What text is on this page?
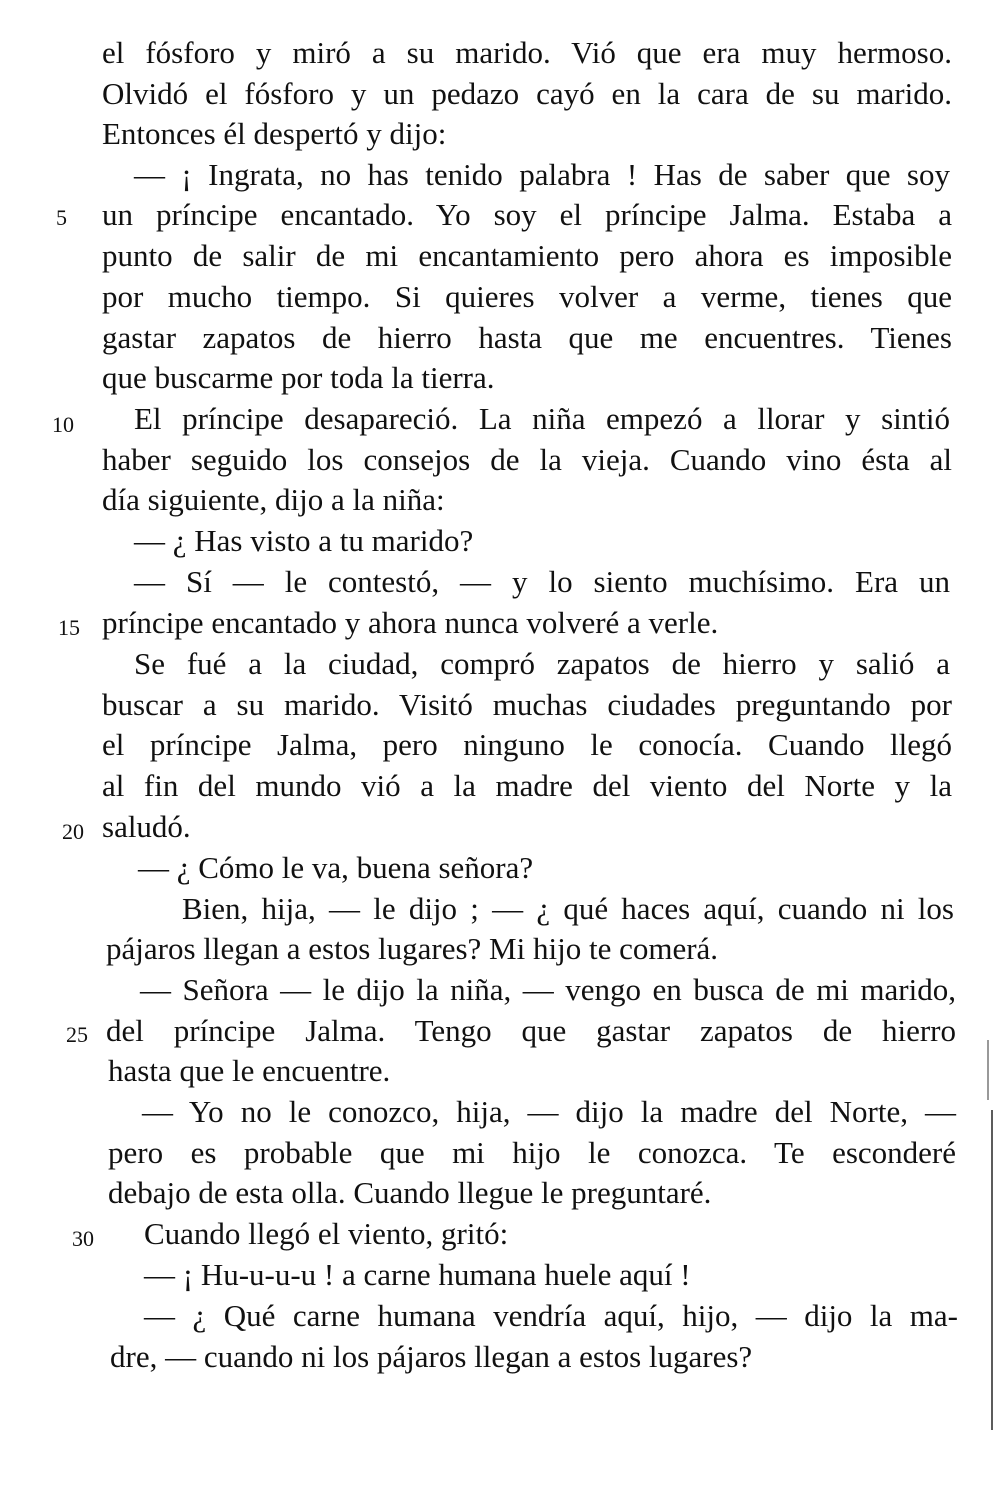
el fósforo y miró a su marido. Vió que era muy hermoso.
Olvidó el fósforo y un pedazo cayó en la cara de su marido.
Entonces él despertó y dijo:
— ¡ Ingrata, no has tenido palabra ! Has de saber que soy
un príncipe encantado. Yo soy el príncipe Jalma. Estaba a
punto de salir de mi encantamiento pero ahora es imposible
por mucho tiempo. Si quieres volver a verme, tienes que
gastar zapatos de hierro hasta que me encuentres. Tienes
que buscarme por toda la tierra.
El príncipe desapareció. La niña empezó a llorar y sintió
haber seguido los consejos de la vieja. Cuando vino ésta al
día siguiente, dijo a la niña:
— ¿ Has visto a tu marido?
— Sí — le contestó, — y lo siento muchísimo. Era un
príncipe encantado y ahora nunca volveré a verle.
Se fué a la ciudad, compró zapatos de hierro y salió a
buscar a su marido. Visitó muchas ciudades preguntando por
el príncipe Jalma, pero ninguno le conocía. Cuando llegó
al fin del mundo vió a la madre del viento del Norte y la
saludó.
— ¿ Cómo le va, buena señora?
Bien, hija, — le dijo ; — ¿ qué haces aquí, cuando ni los
pájaros llegan a estos lugares? Mi hijo te comerá.
— Señora — le dijo la niña, — vengo en busca de mi marido,
del príncipe Jalma. Tengo que gastar zapatos de hierro
hasta que le encuentre.
— Yo no le conozco, hija, — dijo la madre del Norte, —
pero es probable que mi hijo le conozca. Te esconderé
debajo de esta olla. Cuando llegue le preguntaré.
Cuando llegó el viento, gritó:
— ¡ Hu-u-u-u ! a carne humana huele aquí !
— ¿ Qué carne humana vendría aquí, hijo, — dijo la ma-
dre, — cuando ni los pájaros llegan a estos lugares?
5
10
15
20
25
30
